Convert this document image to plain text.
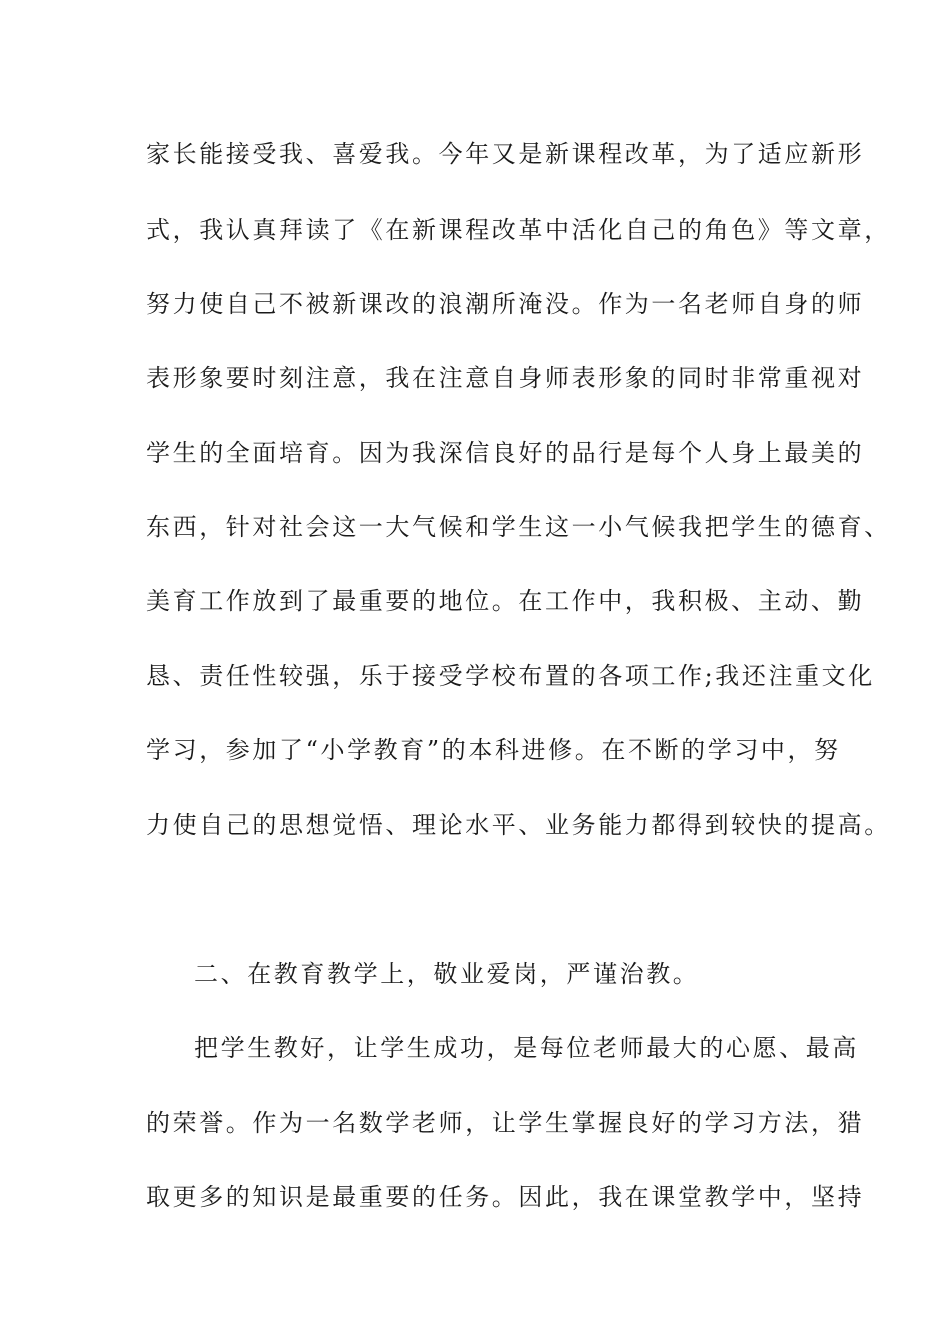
家长能接受我、喜爱我。今年又是新课程改革，为了适应新形
式，我认真拜读了《在新课程改革中活化自己的角色》等文章，
努力使自己不被新课改的浪潮所淹没。作为一名老师自身的师
表形象要时刻注意，我在注意自身师表形象的同时非常重视对
学生的全面培育。因为我深信良好的品行是每个人身上最美的
东西，针对社会这一大气候和学生这一小气候我把学生的德育、
美育工作放到了最重要的地位。在工作中，我积极、主动、勤
恳、责任性较强，乐于接受学校布置的各项工作;我还注重文化
学习，参加了“小学教育”的本科进修。在不断的学习中，努
力使自己的思想觉悟、理论水平、业务能力都得到较快的提高。
二、在教育教学上，敬业爱岗，严谨治教。
把学生教好，让学生成功，是每位老师最大的心愿、最高
的荣誉。作为一名数学老师，让学生掌握良好的学习方法，猎
取更多的知识是最重要的任务。因此，我在课堂教学中，坚持
